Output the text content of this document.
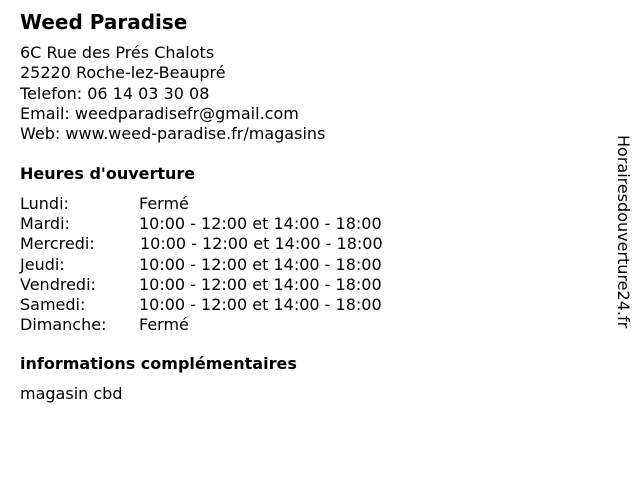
Weed Paradise
6C Rue des Prés Chalots
25220 Roche-lez-Beaupré
Telefon: 06 14 03 30 08
Email: weedparadisefr@gmail.com
Web: www.weed-paradise.fr/magasins
Heures d'ouverture
Lundi:	Fermé
Mardi:	10:00 - 12:00 et 14:00 - 18:00
Mercredi:	10:00 - 12:00 et 14:00 - 18:00
Jeudi:	10:00 - 12:00 et 14:00 - 18:00
Vendredi:	10:00 - 12:00 et 14:00 - 18:00
Samedi:	10:00 - 12:00 et 14:00 - 18:00
Dimanche: Fermé
informations complémentaires
magasin cbd
Horairesdouverture24.fr
